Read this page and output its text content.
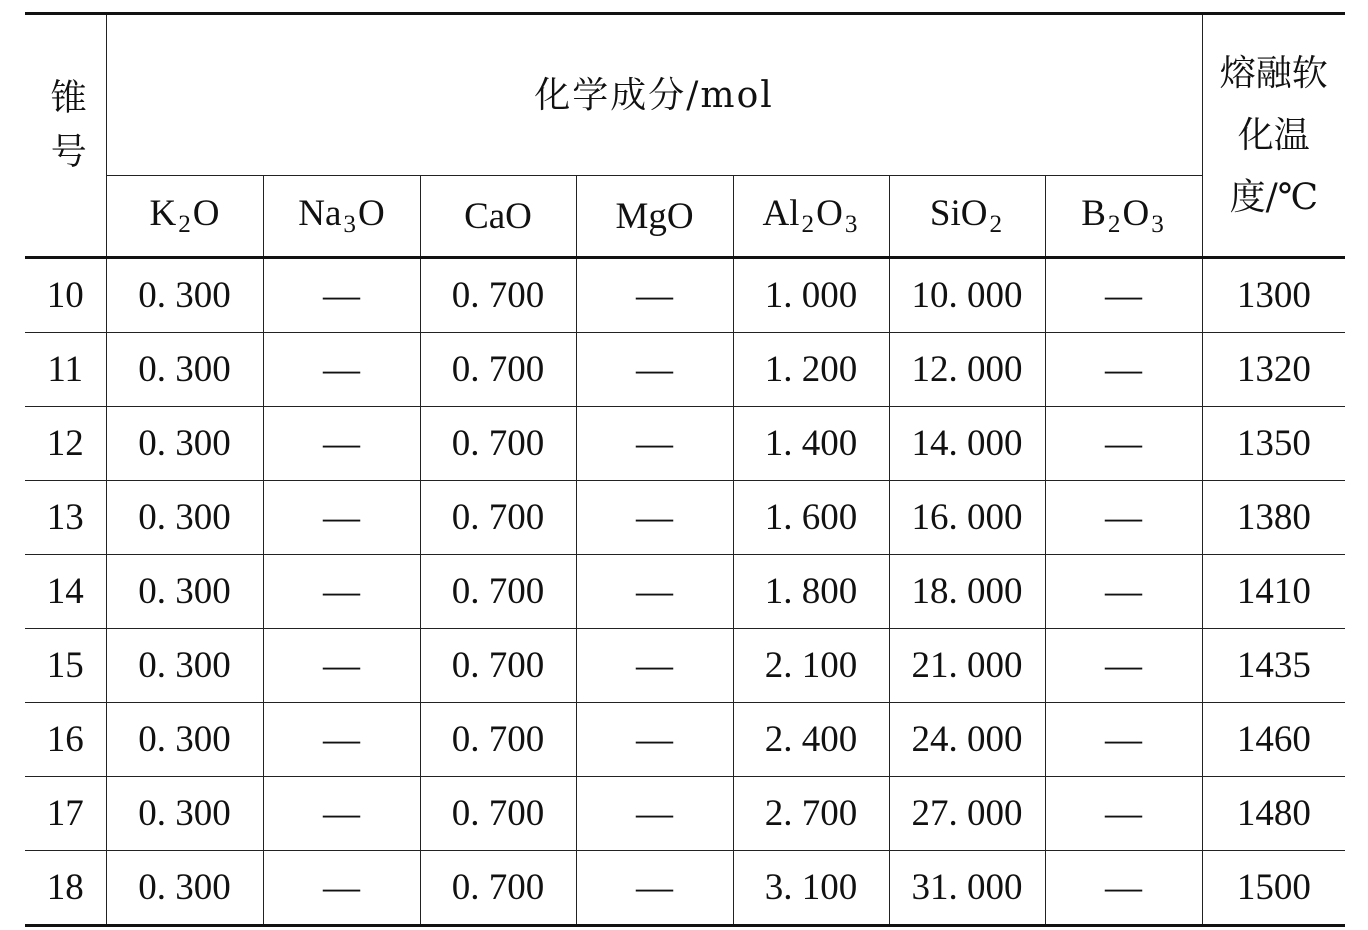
锥号	化学成分/mol							熔融软化温度/℃
	$K_2O$	$Na_3O$	CaO	MgO	$Al_2O_3$	SiO$_2$	$B_2O_3$
10	0. 300	—	0. 700	—	1. 000	10. 000	—	1300
11	0. 300	—	0. 700	—	1. 200	12. 000	—	1320
12	0. 300	—	0. 700	—	1. 400	14. 000	—	1350
13	0. 300	—	0. 700	—	1. 600	16. 000	—	1380
14	0. 300	—	0. 700	—	1. 800	18. 000	—	1410
15	0. 300	—	0. 700	—	2. 100	21. 000	—	1435
16	0. 300	—	0. 700	—	2. 400	24. 000	—	1460
17	0. 300	—	0. 700	—	2. 700	27. 000	—	1480
18	0. 300	—	0. 700	—	3. 100	31. 000	—	1500
